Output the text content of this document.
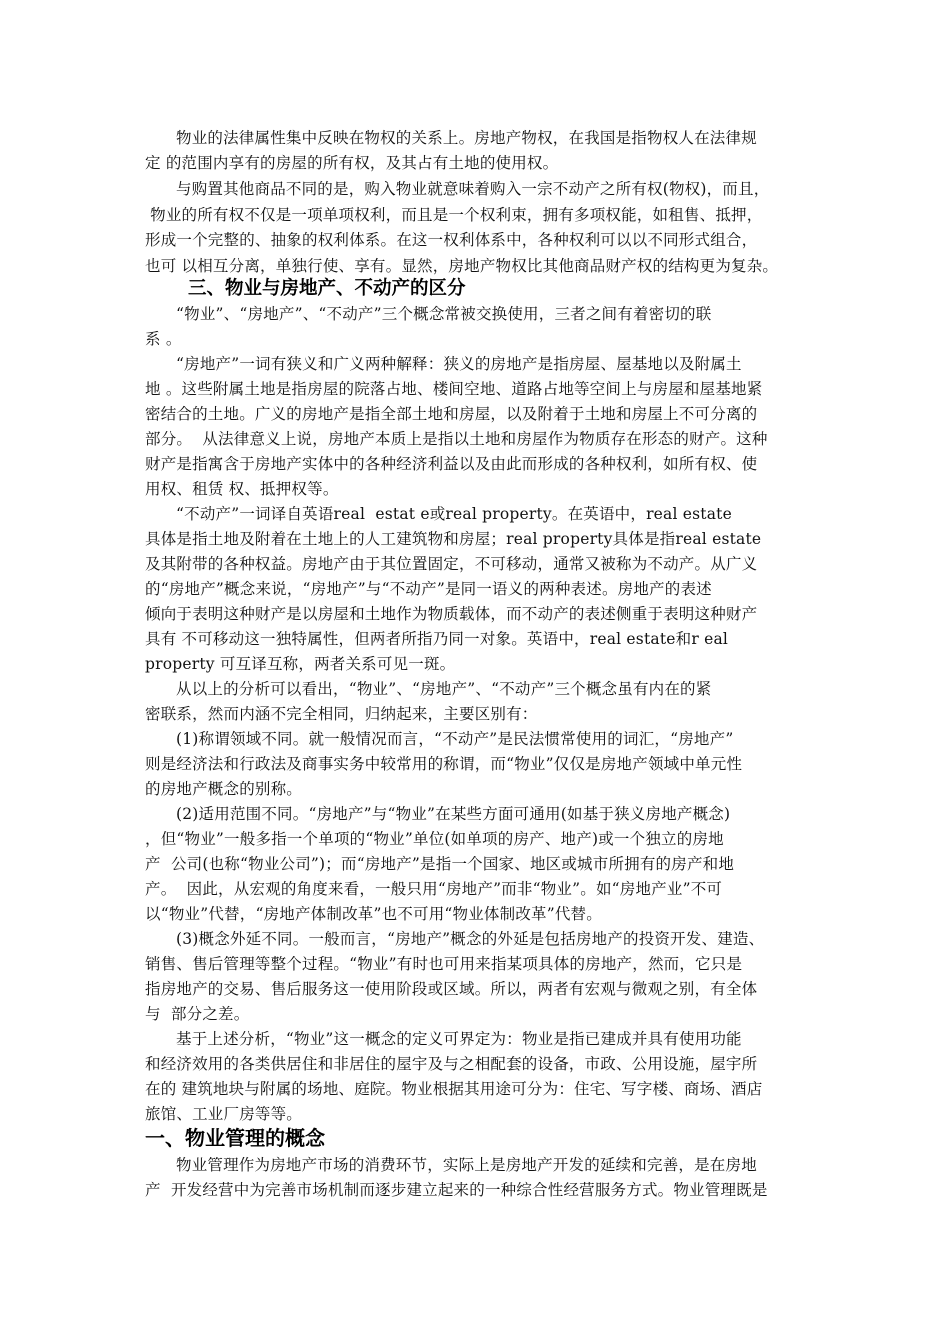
物业的法律属性集中反映在物权的关系上。房地产物权，在我国是指物权人在法律规
定 的范围内享有的房屋的所有权，及其占有土地的使用权。
与购置其他商品不同的是，购入物业就意味着购入一宗不动产之所有权(物权)，而且，
物业的所有权不仅是一项单项权利，而且是一个权利束，拥有多项权能，如租售、抵押，
形成一个完整的、抽象的权利体系。在这一权利体系中，各种权利可以以不同形式组合，
也可 以相互分离，单独行使、享有。显然，房地产物权比其他商品财产权的结构更为复杂。
三、物业与房地产、不动产的区分
“物业”、“房地产”、“不动产”三个概念常被交换使用，三者之间有着密切的联
系 。
“房地产”一词有狭义和广义两种解释：狭义的房地产是指房屋、屋基地以及附属土
地 。这些附属土地是指房屋的院落占地、楼间空地、道路占地等空间上与房屋和屋基地紧
密结合的土地。广义的房地产是指全部土地和房屋，以及附着于土地和房屋上不可分离的
部分。  从法律意义上说，房地产本质上是指以土地和房屋作为物质存在形态的财产。这种
财产是指寓含于房地产实体中的各种经济利益以及由此而形成的各种权利，如所有权、使
用权、租赁 权、抵押权等。
“不动产”一词译自英语real  estat e或real property。在英语中，real estate
具体是指土地及附着在土地上的人工建筑物和房屋；real property具体是指real estate
及其附带的各种权益。房地产由于其位置固定，不可移动，通常又被称为不动产。从广义
的“房地产”概念来说，“房地产”与“不动产”是同一语义的两种表述。房地产的表述
倾向于表明这种财产是以房屋和土地作为物质载体，而不动产的表述侧重于表明这种财产
具有 不可移动这一独特属性，但两者所指乃同一对象。英语中，real estate和r eal
property 可互译互称，两者关系可见一斑。
从以上的分析可以看出，“物业”、“房地产”、“不动产”三个概念虽有内在的紧
密联系，然而内涵不完全相同，归纳起来，主要区别有：
(1)称谓领域不同。就一般情况而言，“不动产”是民法惯常使用的词汇，“房地产”
则是经济法和行政法及商事实务中较常用的称谓，而“物业”仅仅是房地产领域中单元性
的房地产概念的别称。
(2)适用范围不同。“房地产”与“物业”在某些方面可通用(如基于狭义房地产概念)
，但“物业”一般多指一个单项的“物业”单位(如单项的房产、地产)或一个独立的房地
产  公司(也称“物业公司”)；而“房地产”是指一个国家、地区或城市所拥有的房产和地
产。  因此，从宏观的角度来看，一般只用“房地产”而非“物业”。如“房地产业”不可
以“物业”代替，“房地产体制改革”也不可用“物业体制改革”代替。
(3)概念外延不同。一般而言，“房地产”概念的外延是包括房地产的投资开发、建造、
销售、售后管理等整个过程。“物业”有时也可用来指某项具体的房地产，然而，它只是
指房地产的交易、售后服务这一使用阶段或区域。所以，两者有宏观与微观之别，有全体
与  部分之差。
基于上述分析，“物业”这一概念的定义可界定为：物业是指已建成并具有使用功能
和经济效用的各类供居住和非居住的屋宇及与之相配套的设备，市政、公用设施，屋宇所
在的 建筑地块与附属的场地、庭院。物业根据其用途可分为：住宅、写字楼、商场、酒店
旅馆、工业厂房等等。
一、物业管理的概念
物业管理作为房地产市场的消费环节，实际上是房地产开发的延续和完善，是在房地
产  开发经营中为完善市场机制而逐步建立起来的一种综合性经营服务方式。物业管理既是
